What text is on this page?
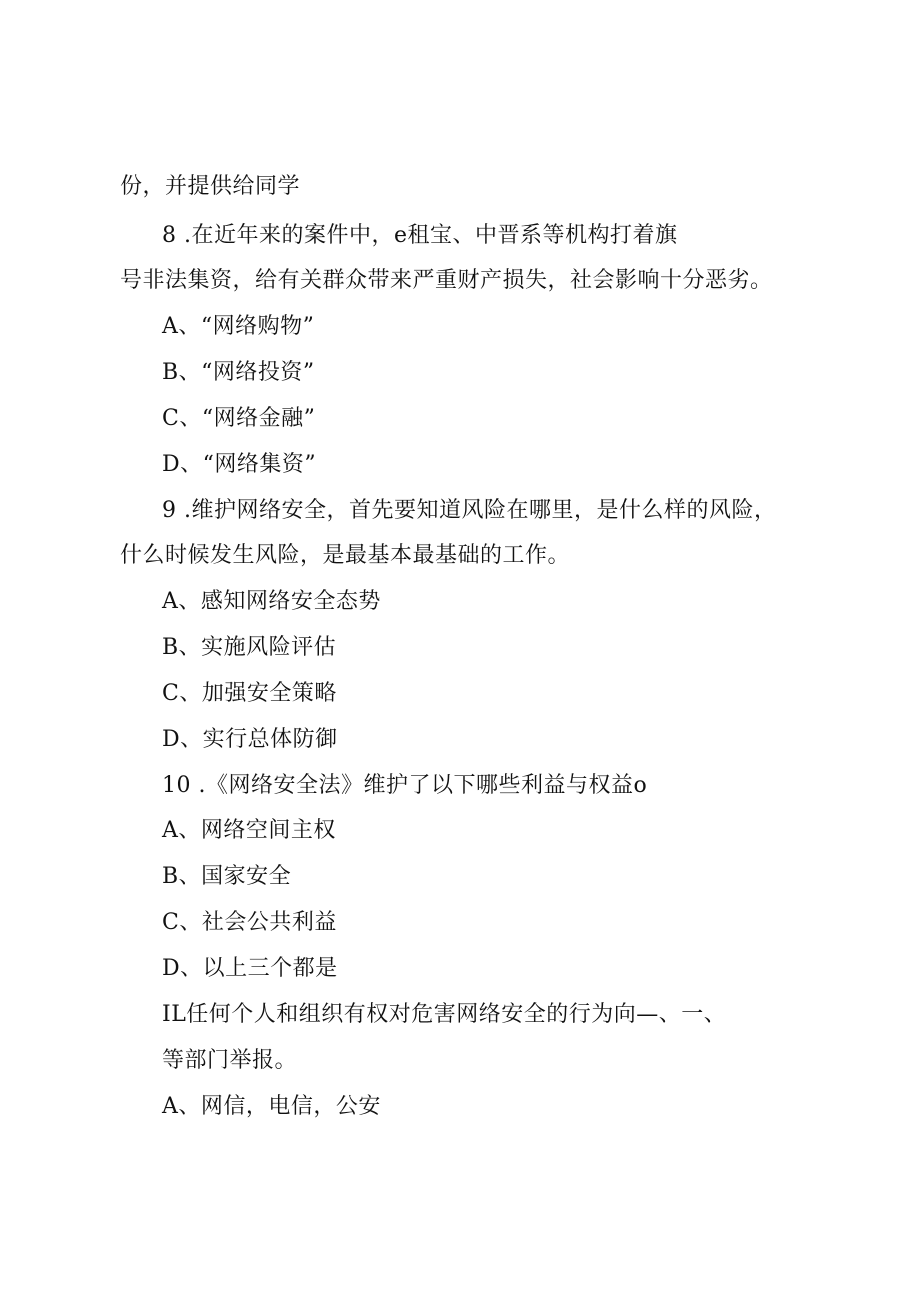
份，并提供给同学
8 .在近年来的案件中，e租宝、中晋系等机构打着旗
号非法集资，给有关群众带来严重财产损失，社会影响十分恶劣。
A、“网络购物”
B、“网络投资”
C、“网络金融”
D、“网络集资”
9 .维护网络安全，首先要知道风险在哪里，是什么样的风险，
什么时候发生风险，是最基本最基础的工作。
A、感知网络安全态势
B、实施风险评估
C、加强安全策略
D、实行总体防御
10 .《网络安全法》维护了以下哪些利益与权益o
A、网络空间主权
B、国家安全
C、社会公共利益
D、以上三个都是
IL任何个人和组织有权对危害网络安全的行为向—、一、
等部门举报。
A、网信，电信，公安
